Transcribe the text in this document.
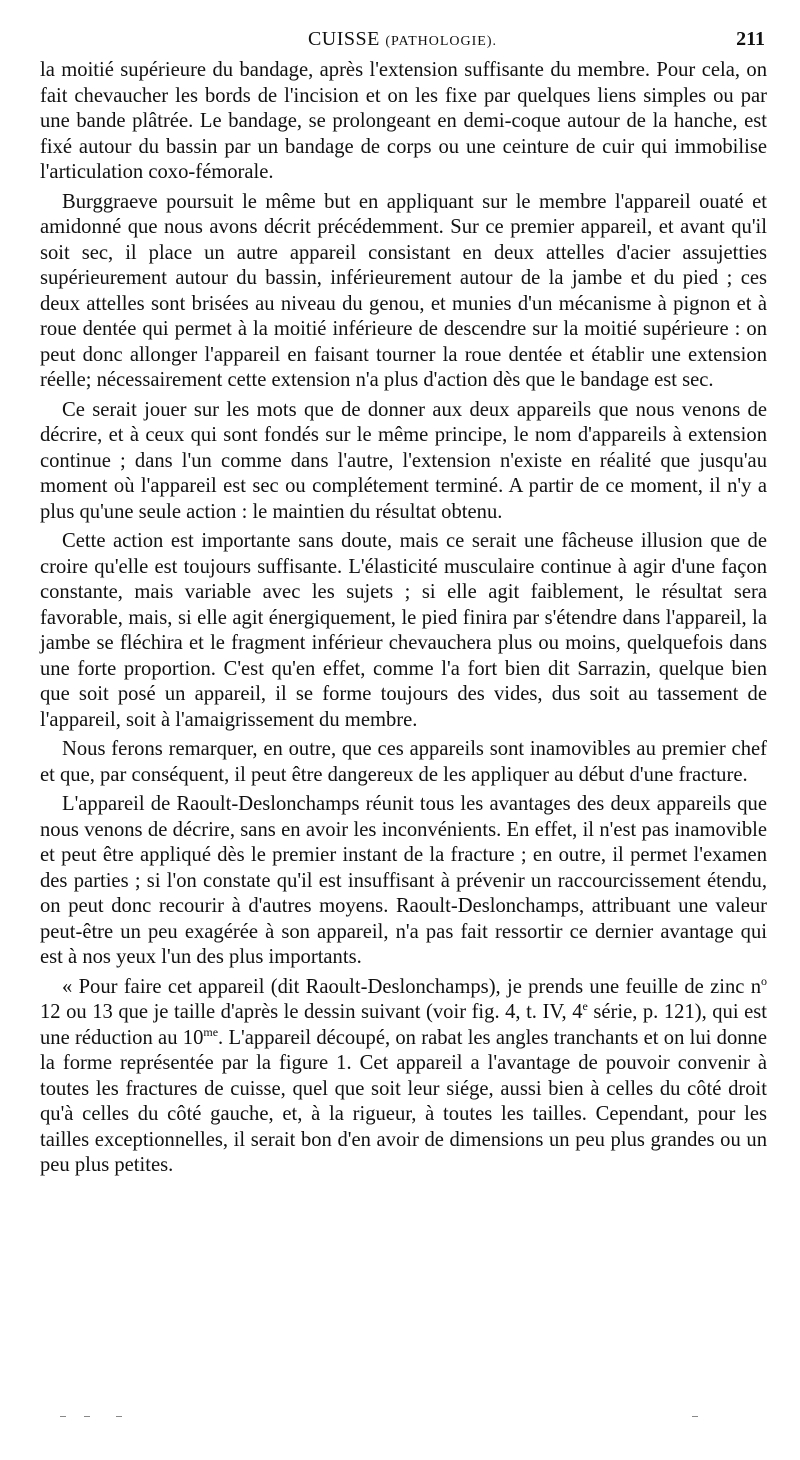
CUISSE (PATHOLOGIE).	211

la moitié supérieure du bandage, après l'extension suffisante du membre. Pour cela, on fait chevaucher les bords de l'incision et on les fixe par quelques liens simples ou par une bande plâtrée. Le bandage, se prolongeant en demi-coque autour de la hanche, est fixé autour du bassin par un bandage de corps ou une ceinture de cuir qui immobilise l'articulation coxo-fémorale.

Burggraeve poursuit le même but en appliquant sur le membre l'appareil ouaté et amidonné que nous avons décrit précédemment. Sur ce premier appareil, et avant qu'il soit sec, il place un autre appareil consistant en deux attelles d'acier assujetties supérieurement autour du bassin, inférieurement autour de la jambe et du pied ; ces deux attelles sont brisées au niveau du genou, et munies d'un mécanisme à pignon et à roue dentée qui permet à la moitié inférieure de descendre sur la moitié supérieure : on peut donc allonger l'appareil en faisant tourner la roue dentée et établir une extension réelle; nécessairement cette extension n'a plus d'action dès que le bandage est sec.

Ce serait jouer sur les mots que de donner aux deux appareils que nous venons de décrire, et à ceux qui sont fondés sur le même principe, le nom d'appareils à extension continue ; dans l'un comme dans l'autre, l'extension n'existe en réalité que jusqu'au moment où l'appareil est sec ou complétement terminé. A partir de ce moment, il n'y a plus qu'une seule action : le maintien du résultat obtenu.

Cette action est importante sans doute, mais ce serait une fâcheuse illusion que de croire qu'elle est toujours suffisante. L'élasticité musculaire continue à agir d'une façon constante, mais variable avec les sujets ; si elle agit faiblement, le résultat sera favorable, mais, si elle agit énergiquement, le pied finira par s'étendre dans l'appareil, la jambe se fléchira et le fragment inférieur chevauchera plus ou moins, quelquefois dans une forte proportion. C'est qu'en effet, comme l'a fort bien dit Sarrazin, quelque bien que soit posé un appareil, il se forme toujours des vides, dus soit au tassement de l'appareil, soit à l'amaigrissement du membre.

Nous ferons remarquer, en outre, que ces appareils sont inamovibles au premier chef et que, par conséquent, il peut être dangereux de les appliquer au début d'une fracture.

L'appareil de Raoult-Deslonchamps réunit tous les avantages des deux appareils que nous venons de décrire, sans en avoir les inconvénients. En effet, il n'est pas inamovible et peut être appliqué dès le premier instant de la fracture ; en outre, il permet l'examen des parties ; si l'on constate qu'il est insuffisant à prévenir un raccourcissement étendu, on peut donc recourir à d'autres moyens. Raoult-Deslonchamps, attribuant une valeur peut-être un peu exagérée à son appareil, n'a pas fait ressortir ce dernier avantage qui est à nos yeux l'un des plus importants.

« Pour faire cet appareil (dit Raoult-Deslonchamps), je prends une feuille de zinc $n^o$ 12 ou 13 que je taille d'après le dessin suivant (voir fig. 4, t. IV, 4e série, p. 121), qui est une réduction au $10^{me}$. L'appareil découpé, on rabat les angles tranchants et on lui donne la forme représentée par la figure 1. Cet appareil a l'avantage de pouvoir convenir à toutes les fractures de cuisse, quel que soit leur siége, aussi bien à celles du côté droit qu'à celles du côté gauche, et, à la rigueur, à toutes les tailles. Cependant, pour les tailles exceptionnelles, il serait bon d'en avoir de dimensions un peu plus grandes ou un peu plus petites.
